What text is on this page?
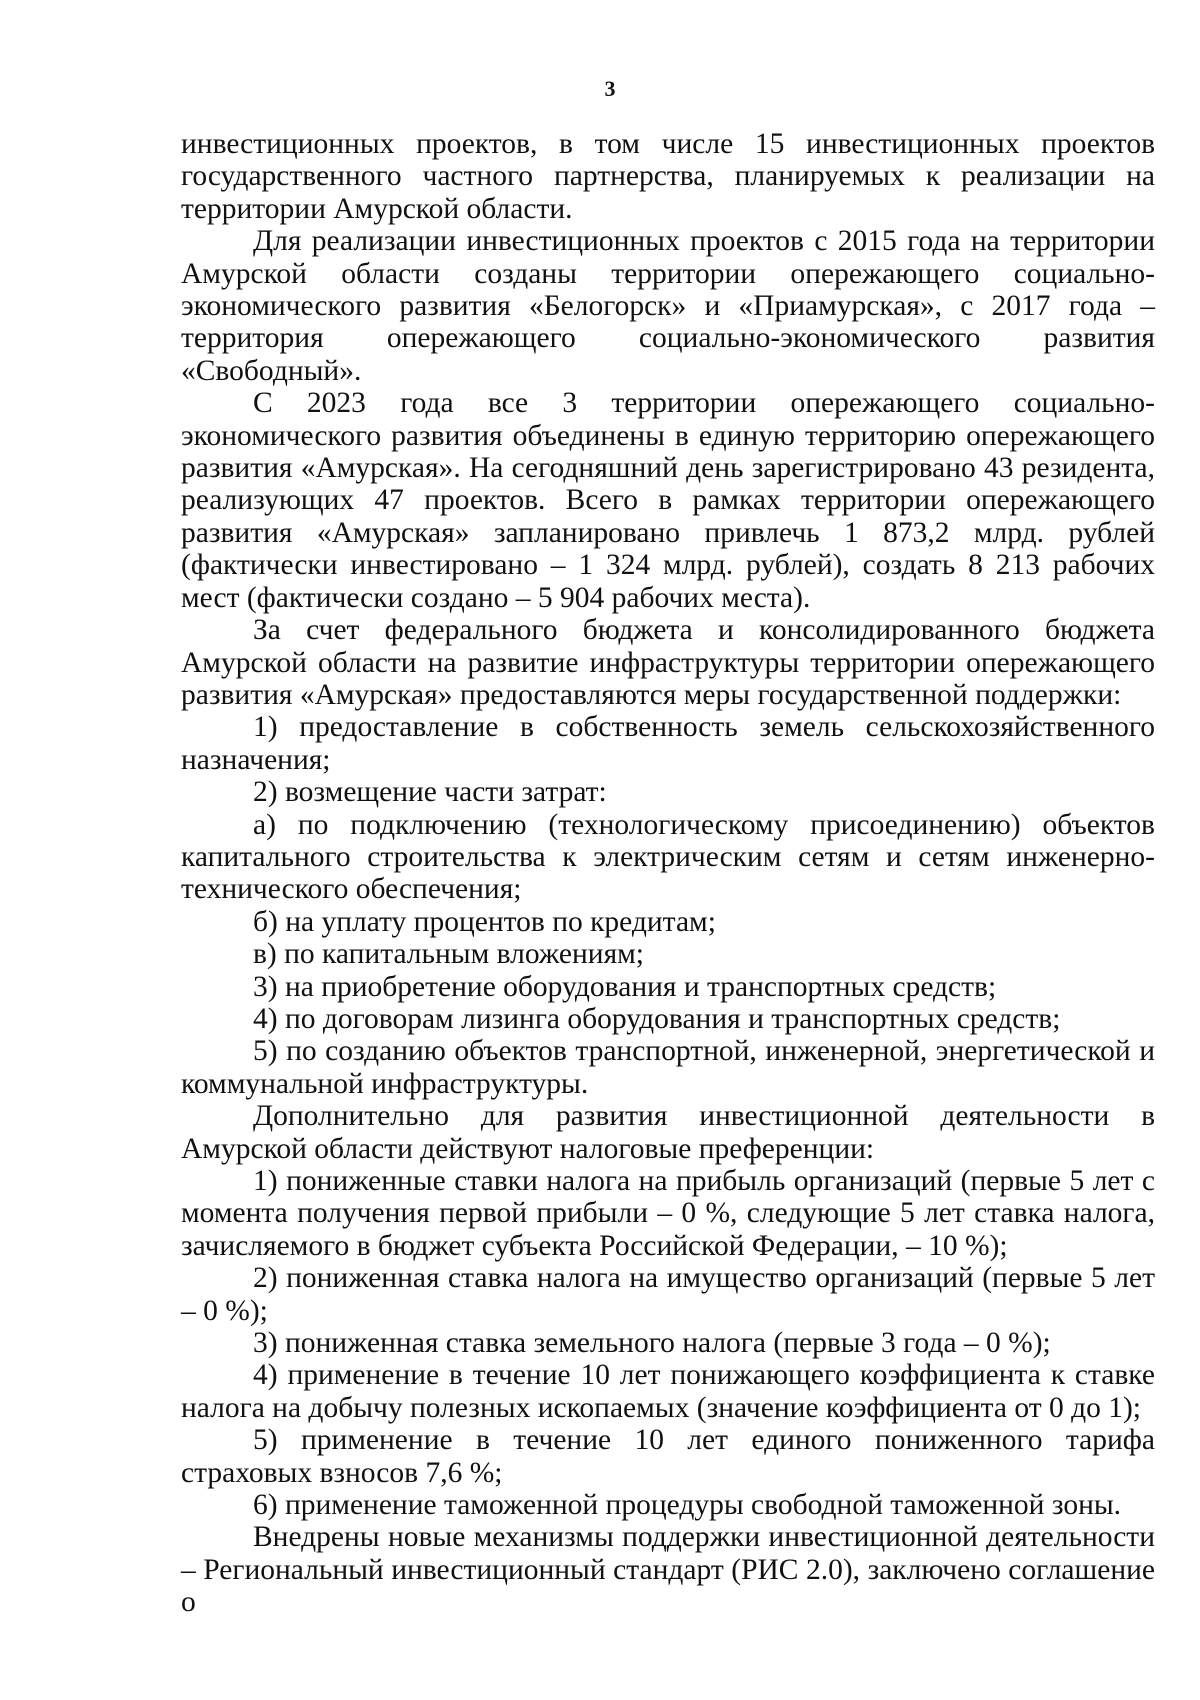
3

инвестиционных проектов, в том числе 15 инвестиционных проектов государственного частного партнерства, планируемых к реализации на территории Амурской области.

Для реализации инвестиционных проектов с 2015 года на территории Амурской области созданы территории опережающего социально-экономического развития «Белогорск» и «Приамурская», с 2017 года – территория опережающего социально-экономического развития «Свободный».

С 2023 года все 3 территории опережающего социально-экономического развития объединены в единую территорию опережающего развития «Амурская». На сегодняшний день зарегистрировано 43 резидента, реализующих 47 проектов. Всего в рамках территории опережающего развития «Амурская» запланировано привлечь 1 873,2 млрд. рублей (фактически инвестировано – 1 324 млрд. рублей), создать 8 213 рабочих мест (фактически создано – 5 904 рабочих места).

За счет федерального бюджета и консолидированного бюджета Амурской области на развитие инфраструктуры территории опережающего развития «Амурская» предоставляются меры государственной поддержки:

1) предоставление в собственность земель сельскохозяйственного назначения;

2) возмещение части затрат:

а) по подключению (технологическому присоединению) объектов капитального строительства к электрическим сетям и сетям инженерно-технического обеспечения;

б) на уплату процентов по кредитам;

в) по капитальным вложениям;

3) на приобретение оборудования и транспортных средств;

4) по договорам лизинга оборудования и транспортных средств;

5) по созданию объектов транспортной, инженерной, энергетической и коммунальной инфраструктуры.

Дополнительно для развития инвестиционной деятельности в Амурской области действуют налоговые преференции:

1) пониженные ставки налога на прибыль организаций (первые 5 лет с момента получения первой прибыли – 0 %, следующие 5 лет ставка налога, зачисляемого в бюджет субъекта Российской Федерации, – 10 %);

2) пониженная ставка налога на имущество организаций (первые 5 лет – 0 %);

3) пониженная ставка земельного налога (первые 3 года – 0 %);

4) применение в течение 10 лет понижающего коэффициента к ставке налога на добычу полезных ископаемых (значение коэффициента от 0 до 1);

5) применение в течение 10 лет единого пониженного тарифа страховых взносов 7,6 %;

6) применение таможенной процедуры свободной таможенной зоны.

Внедрены новые механизмы поддержки инвестиционной деятельности – Региональный инвестиционный стандарт (РИС 2.0), заключено соглашение о
